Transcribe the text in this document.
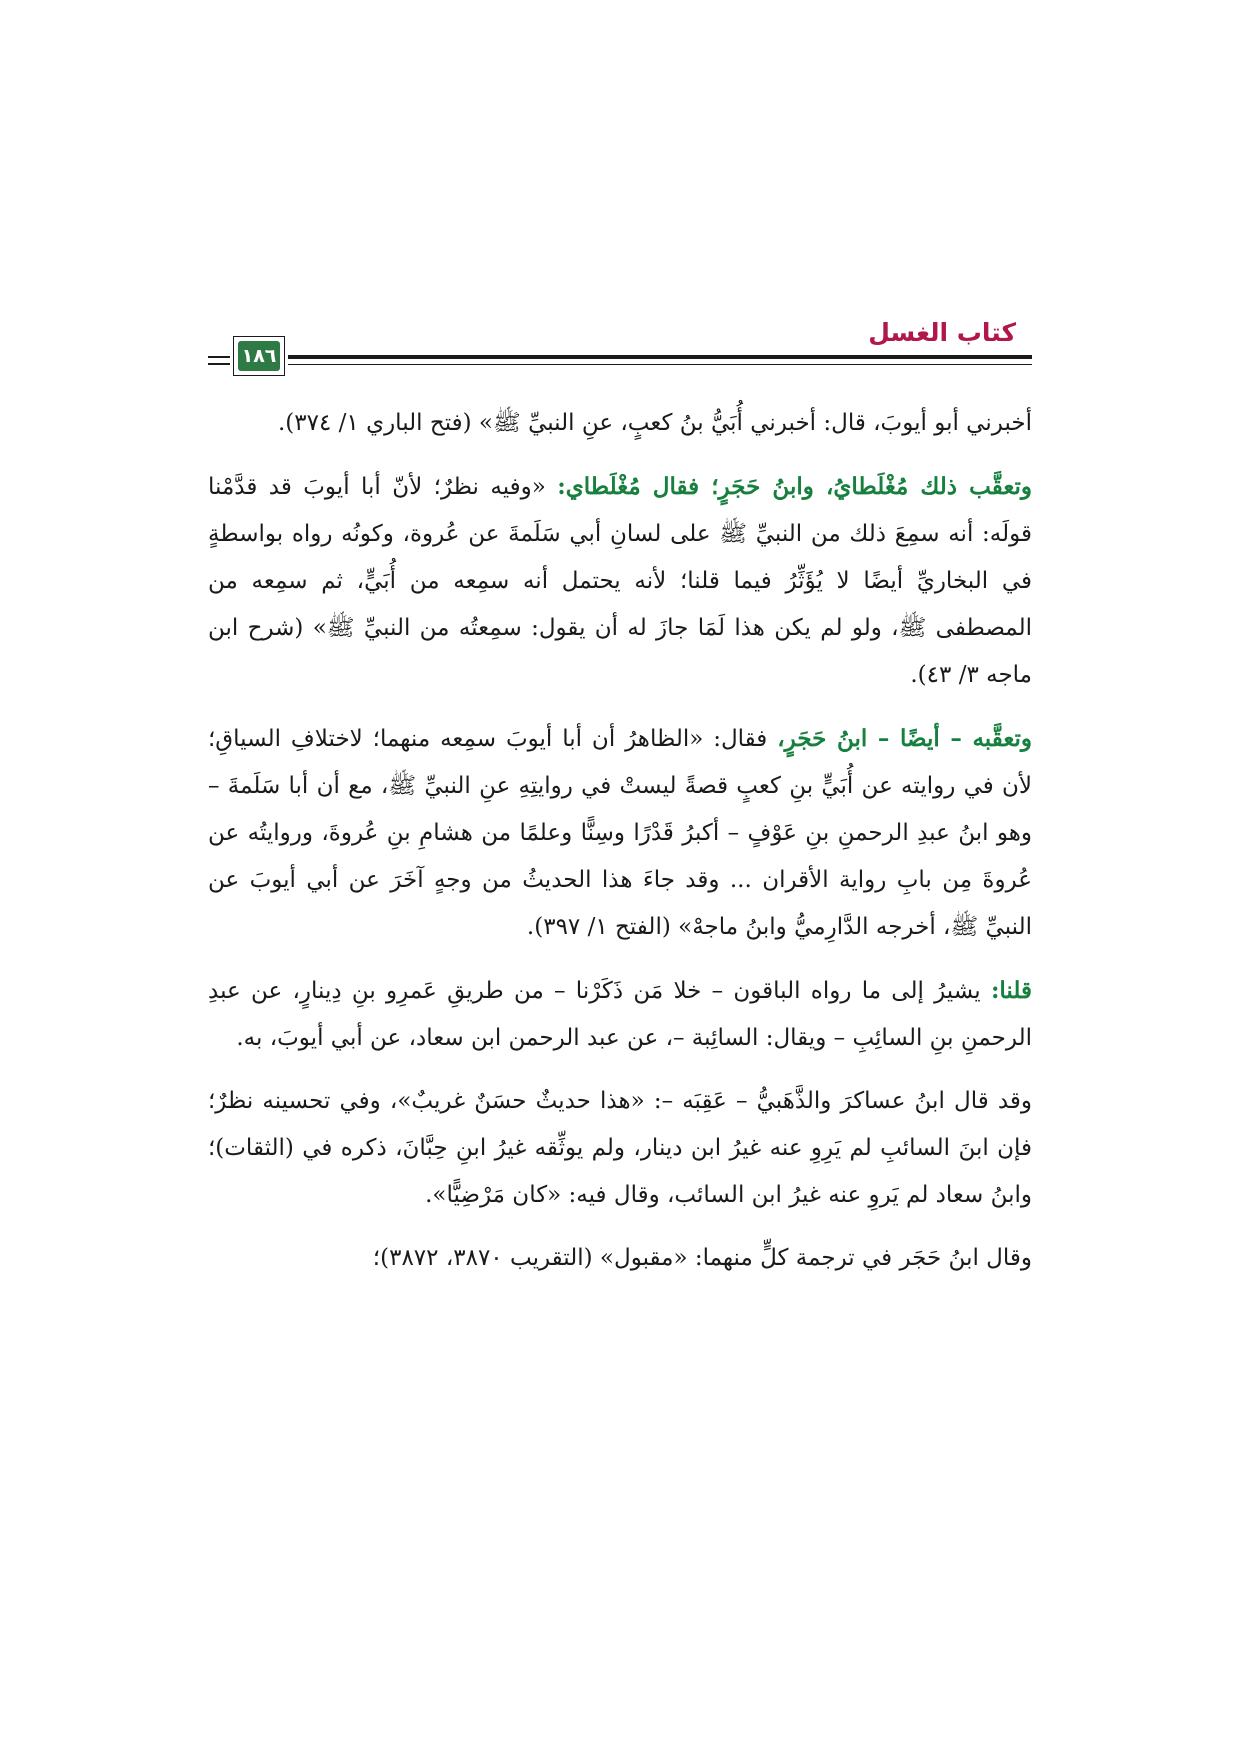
كتاب الغسل
١٨٦

أخبرني أبو أيوبَ، قال: أخبرني أُبَيُّ بنُ كعبٍ، عنِ النبيِّ ﷺ» (فتح الباري ١/ ٣٧٤).

وتعقَّب ذلك مُغْلَطايُ، وابنُ حَجَرٍ؛ فقال مُغْلَطاي: «وفيه نظرٌ؛ لأنّ أبا أيوبَ قد قدَّمْنا قولَه: أنه سمِعَ ذلك من النبيِّ ﷺ على لسانِ أبي سَلَمةَ عن عُروة، وكونُه رواه بواسطةٍ في البخاريِّ أيضًا لا يُؤَثِّرُ فيما قلنا؛ لأنه يحتمل أنه سمِعه من أُبَيٍّ، ثم سمِعه من المصطفى ﷺ، ولو لم يكن هذا لَمَا جازَ له أن يقول: سمِعتُه من النبيِّ ﷺ» (شرح ابن ماجه ٣/ ٤٣).

وتعقَّبه – أيضًا – ابنُ حَجَرٍ، فقال: «الظاهرُ أن أبا أيوبَ سمِعه منهما؛ لاختلافِ السياقِ؛ لأن في روايته عن أُبَيٍّ بنِ كعبٍ قصةً ليستْ في روايتِهِ عنِ النبيِّ ﷺ، مع أن أبا سَلَمةَ – وهو ابنُ عبدِ الرحمنِ بنِ عَوْفٍ – أكبرُ قَدْرًا وسِنًّا وعلمًا من هشامِ بنِ عُروةَ، وروايتُه عن عُروةَ مِن بابِ رواية الأقران ... وقد جاءَ هذا الحديثُ من وجهٍ آخَرَ عن أبي أيوبَ عن النبيِّ ﷺ، أخرجه الدَّارِميُّ وابنُ ماجهْ» (الفتح ١/ ٣٩٧).

قلنا: يشيرُ إلى ما رواه الباقون – خلا مَن ذَكَرْنا – من طريقِ عَمرِو بنِ دِينارٍ، عن عبدِ الرحمنِ بنِ السائِبِ – ويقال: السائِبة –، عن عبد الرحمن ابن سعاد، عن أبي أيوبَ، به.

وقد قال ابنُ عساكرَ والذَّهَبيُّ – عَقِبَه –: «هذا حديثٌ حسَنٌ غريبٌ»، وفي تحسينه نظرٌ؛ فإن ابنَ السائبِ لم يَرِوِ عنه غيرُ ابن دينار، ولم يوثِّقه غيرُ ابنِ حِبَّانَ، ذكره في (الثقات)؛ وابنُ سعاد لم يَروِ عنه غيرُ ابن السائب، وقال فيه: «كان مَرْضِيًّا».

وقال ابنُ حَجَر في ترجمة كلٍّ منهما: «مقبول» (التقريب ٣٨٧٠، ٣٨٧٢)؛
